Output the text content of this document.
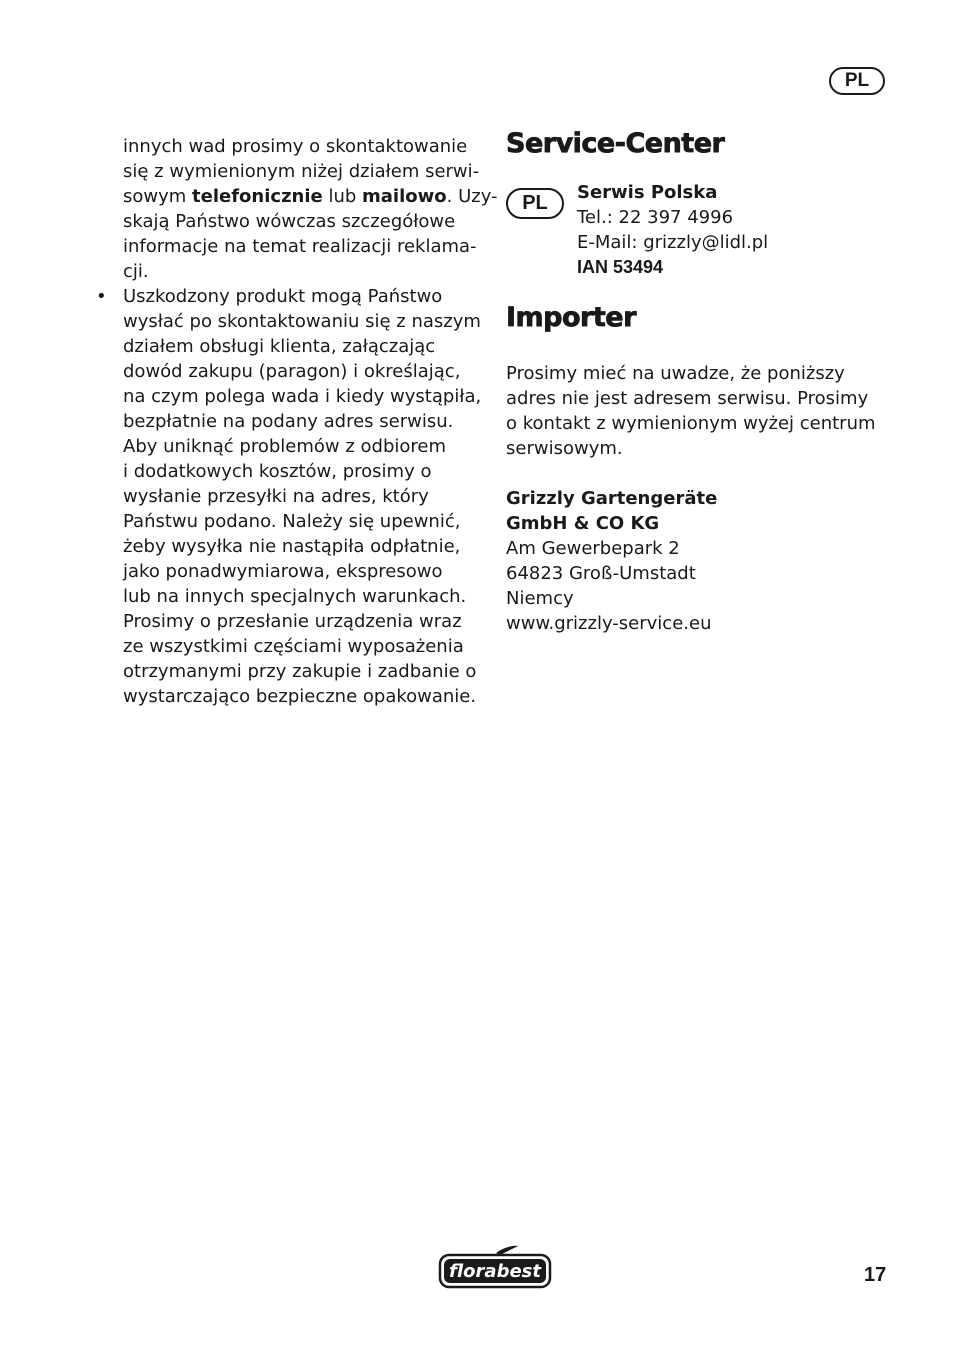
PL

innych wad prosimy o skontaktowanie
się z wymienionym niżej działem serwi-
sowym telefonicznie lub mailowo. Uzy-
skają Państwo wówczas szczegółowe
informacje na temat realizacji reklama-
cji.

• Uszkodzony produkt mogą Państwo
wysłać po skontaktowaniu się z naszym
działem obsługi klienta, załączając
dowód zakupu (paragon) i określając,
na czym polega wada i kiedy wystąpiła,
bezpłatnie na podany adres serwisu.
Aby uniknąć problemów z odbiorem
i dodatkowych kosztów, prosimy o
wysłanie przesyłki na adres, który
Państwu podano. Należy się upewnić,
żeby wysyłka nie nastąpiła odpłatnie,
jako ponadwymiarowa, ekspresowo
lub na innych specjalnych warunkach.
Prosimy o przesłanie urządzenia wraz
ze wszystkimi częściami wyposażenia
otrzymanymi przy zakupie i zadbanie o
wystarczająco bezpieczne opakowanie.
Service-Center
PL	Serwis Polska
Tel.: 22 397 4996
E-Mail: grizzly@lidl.pl
IAN 53494
Importer
Prosimy mieć na uwadze, że poniższy
adres nie jest adresem serwisu. Prosimy
o kontakt z wymienionym wyżej centrum
serwisowym.
Grizzly Gartengeräte
GmbH & CO KG
Am Gewerbepark 2
64823 Groß-Umstadt
Niemcy
www.grizzly-service.eu
florabest	17
